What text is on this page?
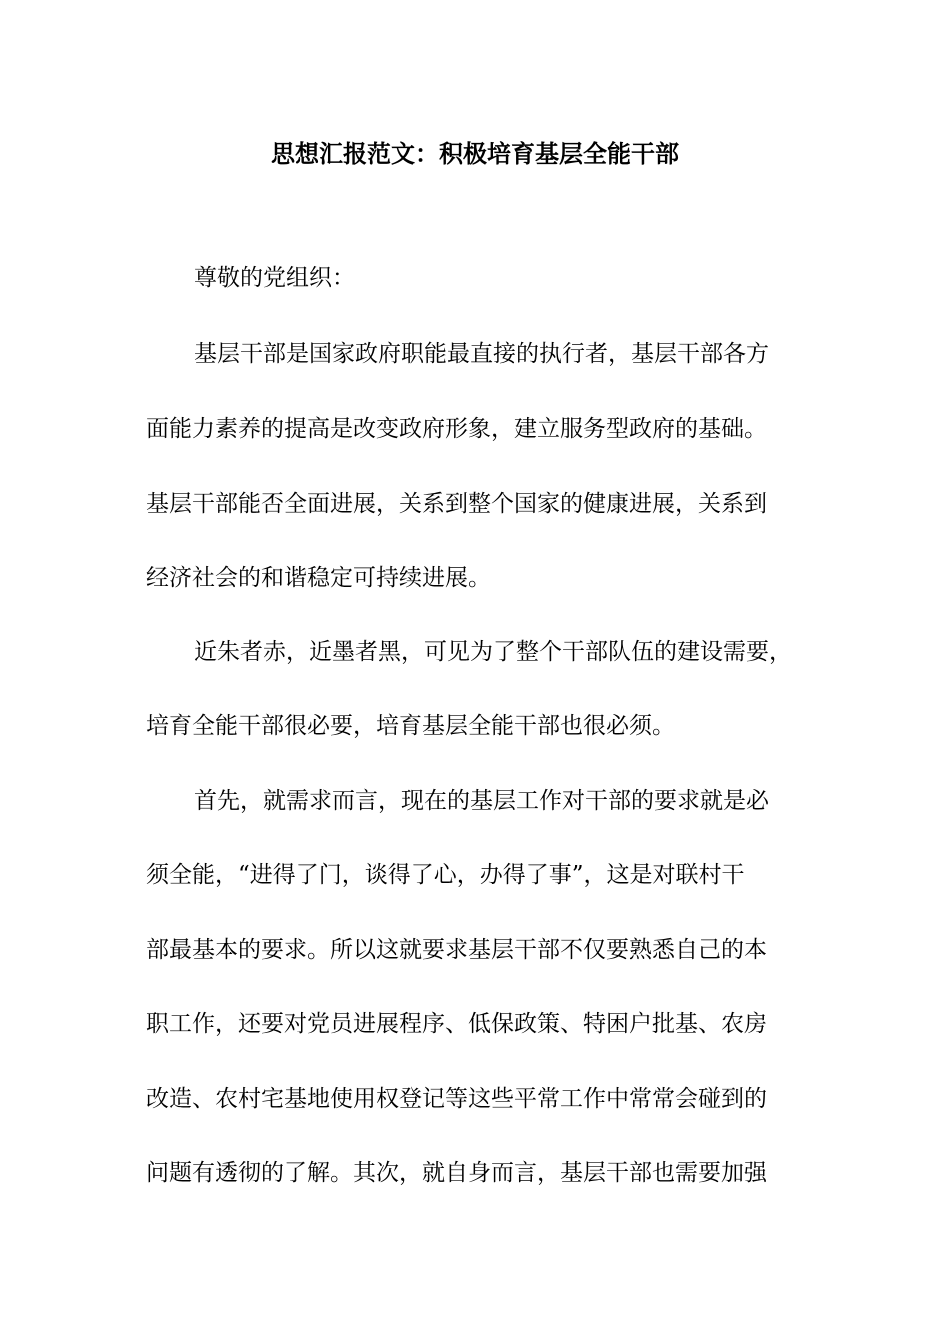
思想汇报范文：积极培育基层全能干部
尊敬的党组织：
基层干部是国家政府职能最直接的执行者，基层干部各方
面能力素养的提高是改变政府形象，建立服务型政府的基础。
基层干部能否全面进展，关系到整个国家的健康进展，关系到
经济社会的和谐稳定可持续进展。
近朱者赤，近墨者黑，可见为了整个干部队伍的建设需要，
培育全能干部很必要，培育基层全能干部也很必须。
首先，就需求而言，现在的基层工作对干部的要求就是必
须全能，“进得了门，谈得了心，办得了事”，这是对联村干
部最基本的要求。所以这就要求基层干部不仅要熟悉自己的本
职工作，还要对党员进展程序、低保政策、特困户批基、农房
改造、农村宅基地使用权登记等这些平常工作中常常会碰到的
问题有透彻的了解。其次，就自身而言，基层干部也需要加强
